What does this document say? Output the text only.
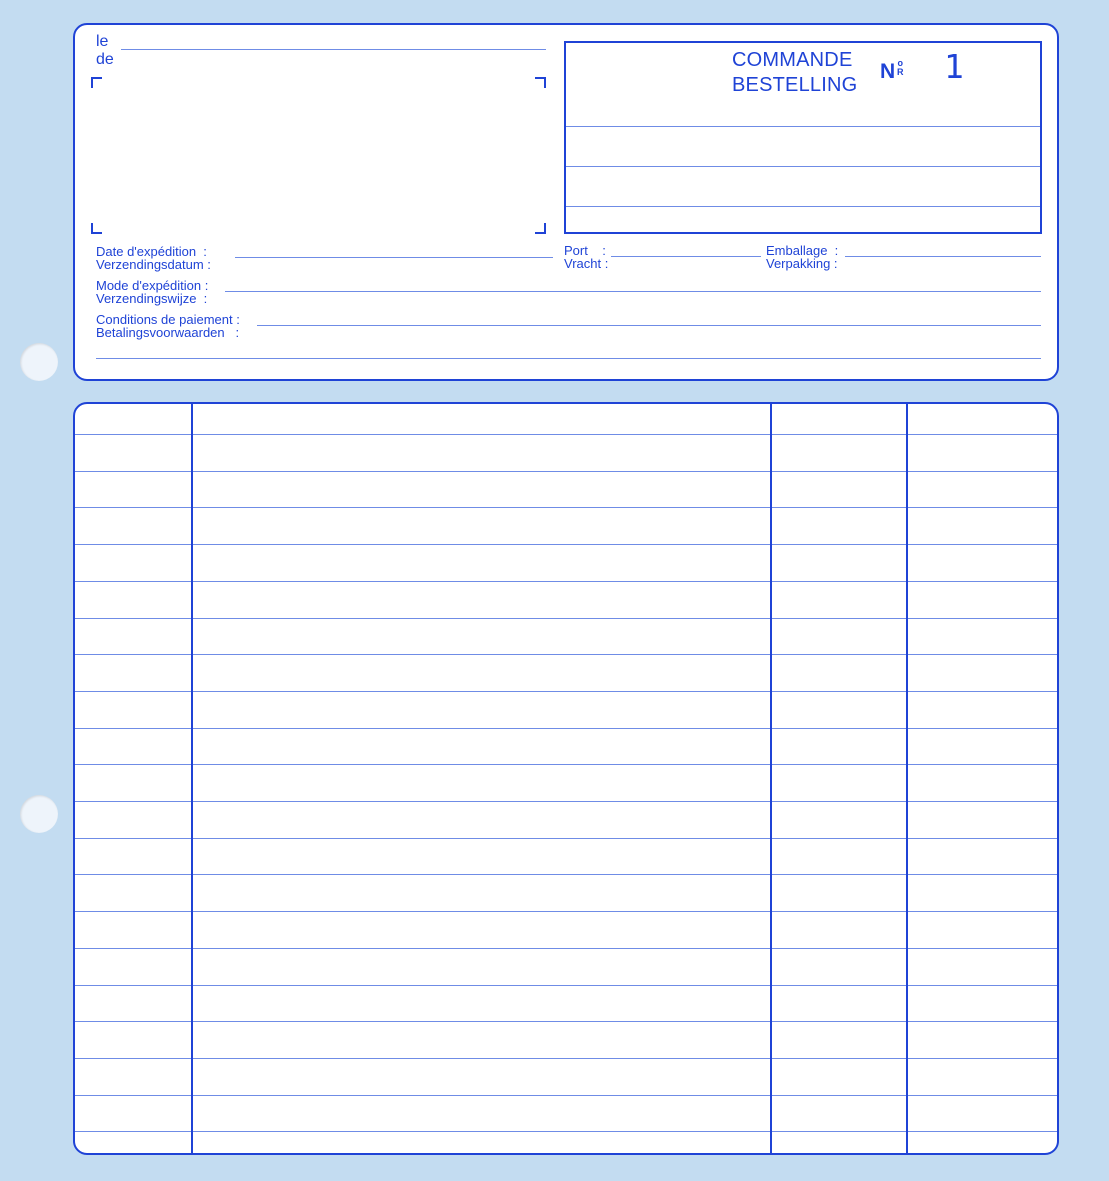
le
de	COMMANDE
BESTELLING
N o
R 1
Date d'expédition  :
Verzendingsdatum :
Port    :
Vracht :
Emballage  :
Verpakking :
Mode d'expédition :
Verzendingswijze  :
Conditions de paiement :
Betalingsvoorwaarden   :
